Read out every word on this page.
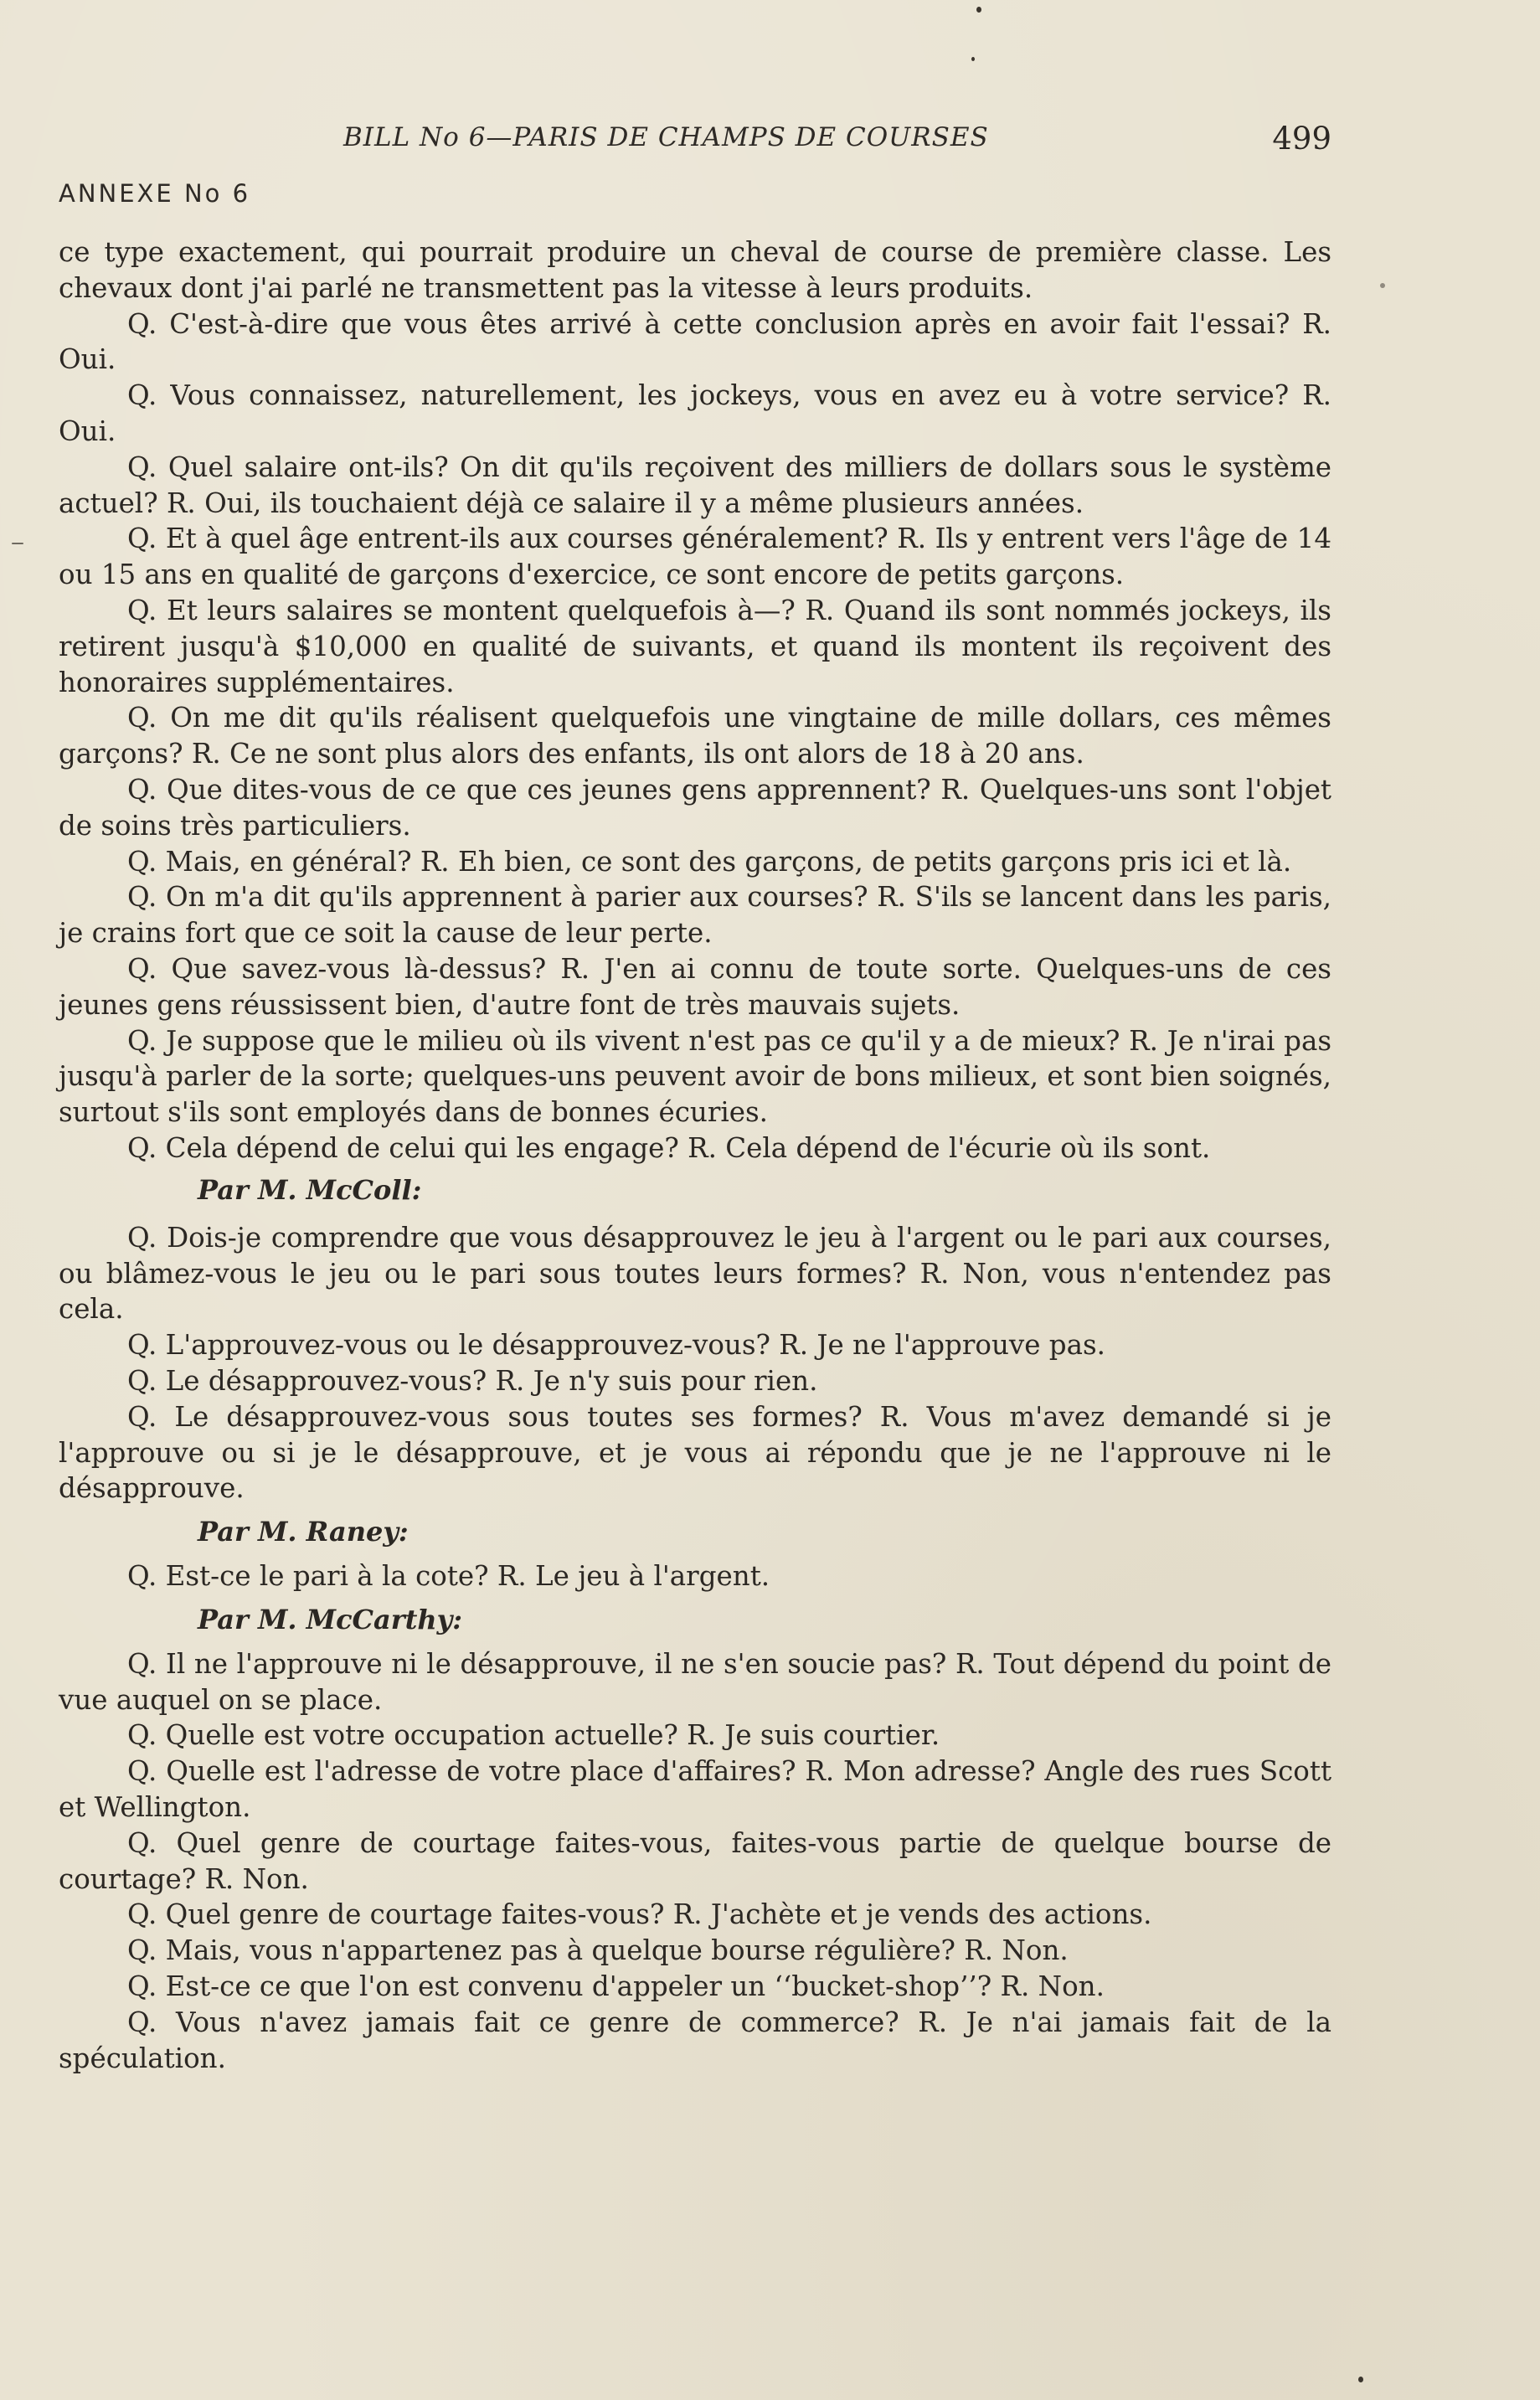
BILL No 6—PARIS DE CHAMPS DE COURSES	499
ANNEXE No 6

ce type exactement, qui pourrait produire un cheval de course de première classe. Les chevaux dont j'ai parlé ne transmettent pas la vitesse à leurs produits.

Q. C'est-à-dire que vous êtes arrivé à cette conclusion après en avoir fait l'essai? R. Oui.

Q. Vous connaissez, naturellement, les jockeys, vous en avez eu à votre service? R. Oui.

Q. Quel salaire ont-ils? On dit qu'ils reçoivent des milliers de dollars sous le système actuel? R. Oui, ils touchaient déjà ce salaire il y a même plusieurs années.

Q. Et à quel âge entrent-ils aux courses généralement? R. Ils y entrent vers l'âge de 14 ou 15 ans en qualité de garçons d'exercice, ce sont encore de petits garçons.

Q. Et leurs salaires se montent quelquefois à—? R. Quand ils sont nommés jockeys, ils retirent jusqu'à $10,000 en qualité de suivants, et quand ils montent ils reçoivent des honoraires supplémentaires.

Q. On me dit qu'ils réalisent quelquefois une vingtaine de mille dollars, ces mêmes garçons? R. Ce ne sont plus alors des enfants, ils ont alors de 18 à 20 ans.

Q. Que dites-vous de ce que ces jeunes gens apprennent? R. Quelques-uns sont l'objet de soins très particuliers.

Q. Mais, en général? R. Eh bien, ce sont des garçons, de petits garçons pris ici et là.

Q. On m'a dit qu'ils apprennent à parier aux courses? R. S'ils se lancent dans les paris, je crains fort que ce soit la cause de leur perte.

Q. Que savez-vous là-dessus? R. J'en ai connu de toute sorte. Quelques-uns de ces jeunes gens réussissent bien, d'autre font de très mauvais sujets.

Q. Je suppose que le milieu où ils vivent n'est pas ce qu'il y a de mieux? R. Je n'irai pas jusqu'à parler de la sorte; quelques-uns peuvent avoir de bons milieux, et sont bien soignés, surtout s'ils sont employés dans de bonnes écuries.

Q. Cela dépend de celui qui les engage? R. Cela dépend de l'écurie où ils sont.

Par M. McColl:

Q. Dois-je comprendre que vous désapprouvez le jeu à l'argent ou le pari aux courses, ou blâmez-vous le jeu ou le pari sous toutes leurs formes? R. Non, vous n'entendez pas cela.

Q. L'approuvez-vous ou le désapprouvez-vous? R. Je ne l'approuve pas.

Q. Le désapprouvez-vous? R. Je n'y suis pour rien.

Q. Le désapprouvez-vous sous toutes ses formes? R. Vous m'avez demandé si je l'approuve ou si je le désapprouve, et je vous ai répondu que je ne l'approuve ni le désapprouve.

Par M. Raney:

Q. Est-ce le pari à la cote? R. Le jeu à l'argent.

Par M. McCarthy:

Q. Il ne l'approuve ni le désapprouve, il ne s'en soucie pas? R. Tout dépend du point de vue auquel on se place.

Q. Quelle est votre occupation actuelle? R. Je suis courtier.

Q. Quelle est l'adresse de votre place d'affaires? R. Mon adresse? Angle des rues Scott et Wellington.

Q. Quel genre de courtage faites-vous, faites-vous partie de quelque bourse de courtage? R. Non.

Q. Quel genre de courtage faites-vous? R. J'achète et je vends des actions.

Q. Mais, vous n'appartenez pas à quelque bourse régulière? R. Non.

Q. Est-ce ce que l'on est convenu d'appeler un ‘‘bucket-shop’’? R. Non.

Q. Vous n'avez jamais fait ce genre de commerce? R. Je n'ai jamais fait de la spéculation.
